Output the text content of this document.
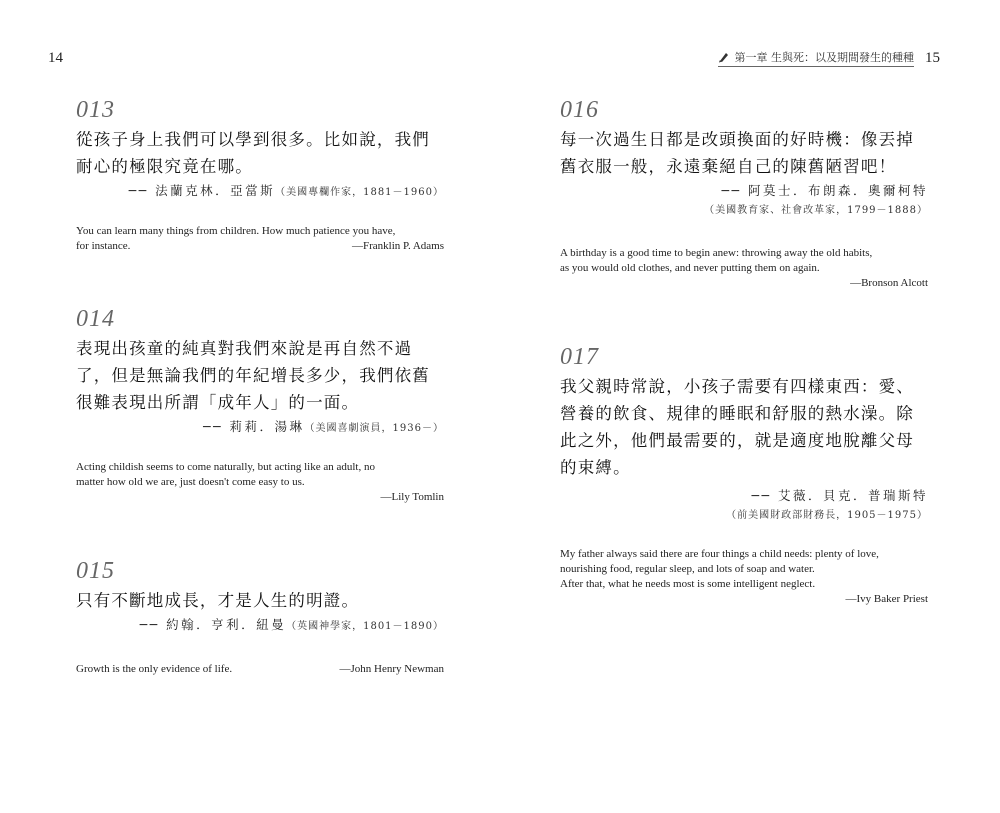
14
013
從孩子身上我們可以學到很多。比如說，我們
耐心的極限究竟在哪。
── 法蘭克林．亞當斯（美國專欄作家，1881－1960）
You can learn many things from children. How much patience you have,
for instance.	—Franklin P. Adams
014
表現出孩童的純真對我們來說是再自然不過
了，但是無論我們的年紀增長多少，我們依舊
很難表現出所謂「成年人」的一面。
── 莉莉．湯琳（美國喜劇演員，1936－）
Acting childish seems to come naturally, but acting like an adult, no
matter how old we are, just doesn't come easy to us.
—Lily Tomlin
015
只有不斷地成長，才是人生的明證。
── 約翰．亨利．紐曼（英國神學家，1801－1890）
Growth is the only evidence of life.	—John Henry Newman
第一章 生與死：以及期間發生的種種 15
016
每一次過生日都是改頭換面的好時機：像丟掉
舊衣服一般，永遠棄絕自己的陳舊陋習吧！
── 阿莫士．布朗森．奧爾柯特
（美國教育家、社會改革家，1799－1888）
A birthday is a good time to begin anew: throwing away the old habits,
as you would old clothes, and never putting them on again.
—Bronson Alcott
017
我父親時常說，小孩子需要有四樣東西：愛、
營養的飲食、規律的睡眠和舒服的熱水澡。除
此之外，他們最需要的，就是適度地脫離父母
的束縛。
── 艾薇．貝克．普瑞斯特
（前美國財政部財務長，1905－1975）
My father always said there are four things a child needs: plenty of love,
nourishing food, regular sleep, and lots of soap and water.
After that, what he needs most is some intelligent neglect.
—Ivy Baker Priest
